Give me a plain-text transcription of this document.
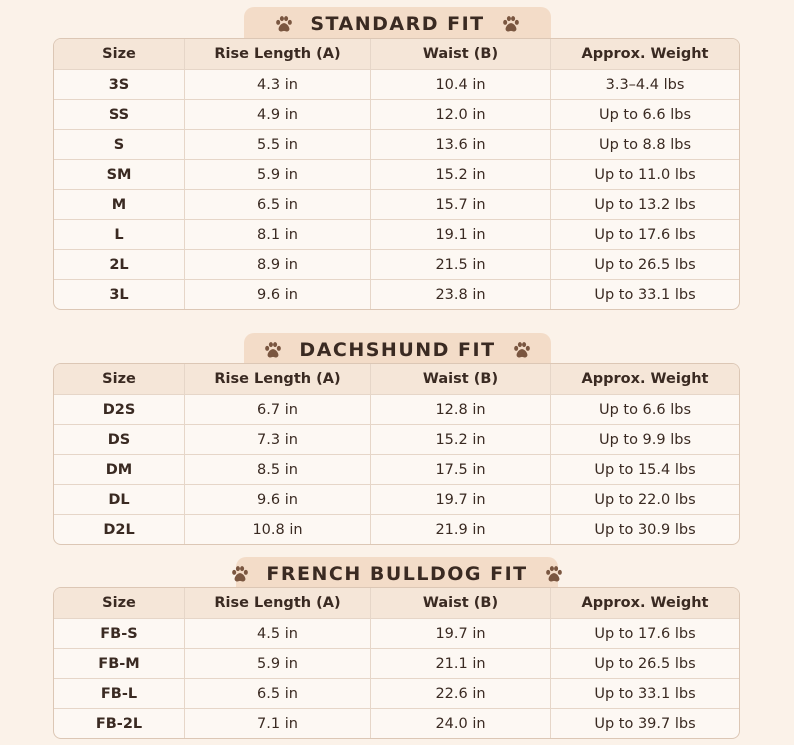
STANDARD FIT
Size	Rise Length (A)	Waist (B)	Approx. Weight
3S	4.3 in	10.4 in	3.3–4.4 lbs
SS	4.9 in	12.0 in	Up to 6.6 lbs
S	5.5 in	13.6 in	Up to 8.8 lbs
SM	5.9 in	15.2 in	Up to 11.0 lbs
M	6.5 in	15.7 in	Up to 13.2 lbs
L	8.1 in	19.1 in	Up to 17.6 lbs
2L	8.9 in	21.5 in	Up to 26.5 lbs
3L	9.6 in	23.8 in	Up to 33.1 lbs
DACHSHUND FIT
Size	Rise Length (A)	Waist (B)	Approx. Weight
D2S	6.7 in	12.8 in	Up to 6.6 lbs
DS	7.3 in	15.2 in	Up to 9.9 lbs
DM	8.5 in	17.5 in	Up to 15.4 lbs
DL	9.6 in	19.7 in	Up to 22.0 lbs
D2L	10.8 in	21.9 in	Up to 30.9 lbs
FRENCH BULLDOG FIT
Size	Rise Length (A)	Waist (B)	Approx. Weight
FB-S	4.5 in	19.7 in	Up to 17.6 lbs
FB-M	5.9 in	21.1 in	Up to 26.5 lbs
FB-L	6.5 in	22.6 in	Up to 33.1 lbs
FB-2L	7.1 in	24.0 in	Up to 39.7 lbs
